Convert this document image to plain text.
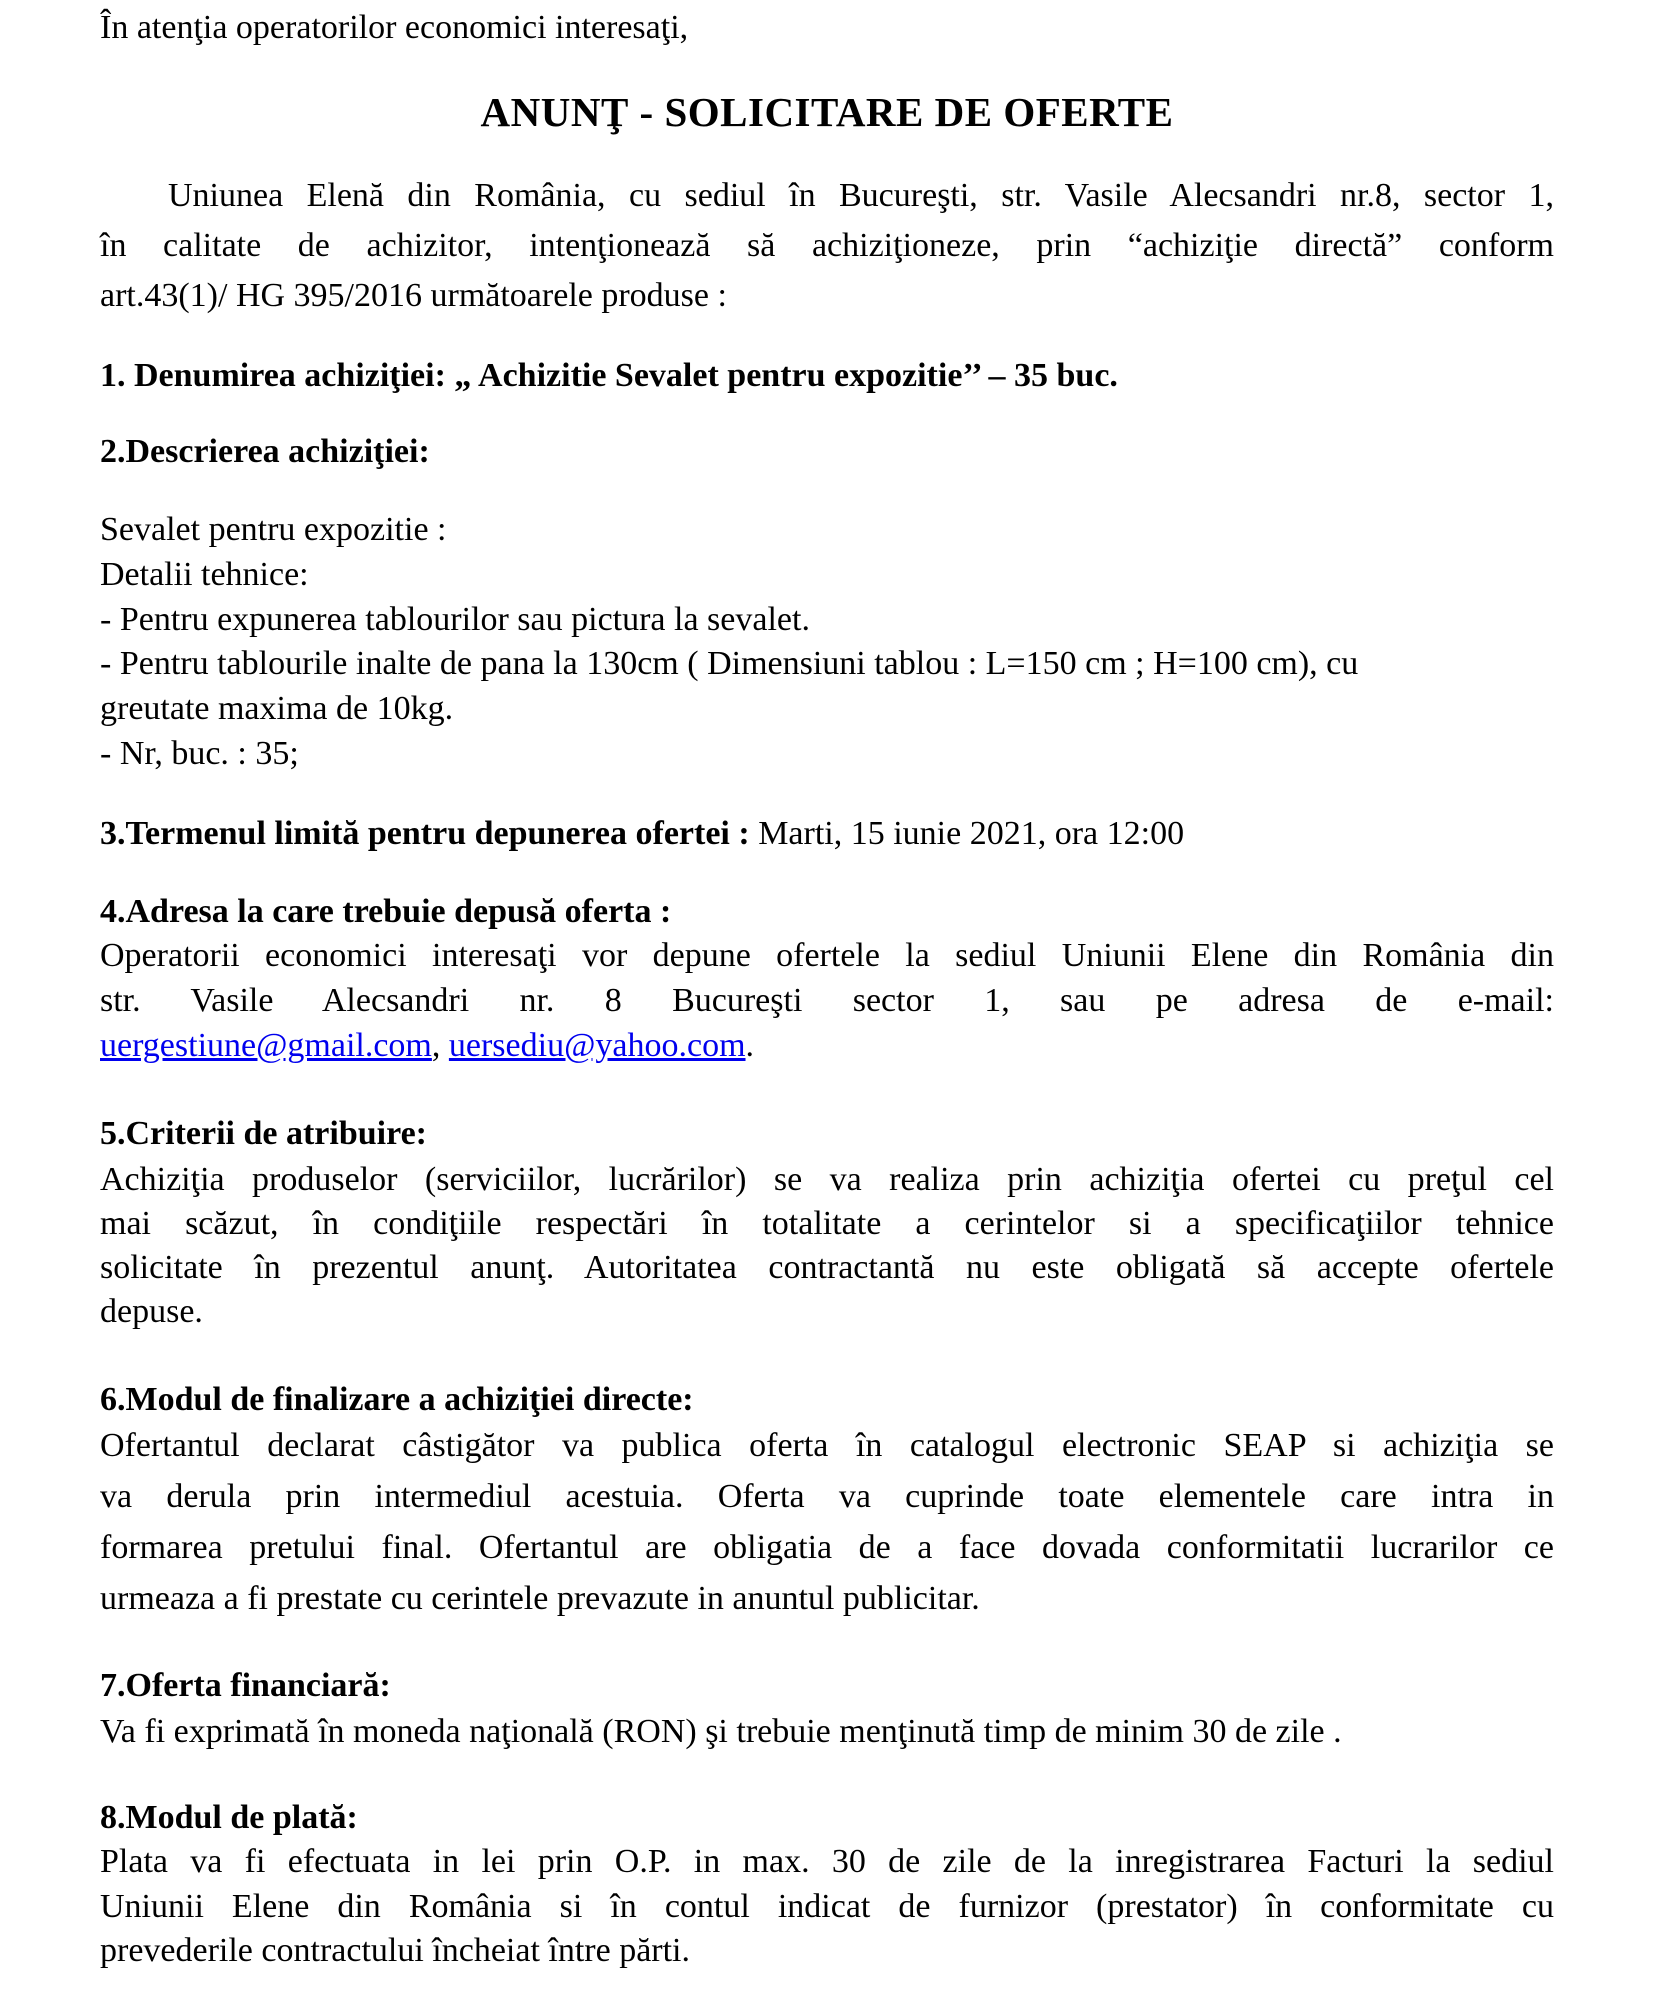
În atenţia operatorilor economici interesaţi,
ANUNŢ - SOLICITARE DE OFERTE
Uniunea Elenă din România, cu sediul în Bucureşti, str. Vasile Alecsandri nr.8, sector 1,
în calitate de achizitor, intenţionează să achiziţioneze, prin “achiziţie directă” conform
art.43(1)/ HG 395/2016 următoarele produse :
1. Denumirea achiziţiei: „ Achizitie Sevalet pentru expozitie’’ – 35 buc.
2.Descrierea achiziţiei:
Sevalet pentru expozitie :
Detalii tehnice:
- Pentru expunerea tablourilor sau pictura la sevalet.
- Pentru tablourile inalte de pana la 130cm ( Dimensiuni tablou : L=150 cm ; H=100 cm), cu
greutate maxima de 10kg.
- Nr, buc. : 35;
3.Termenul limită pentru depunerea ofertei : Marti, 15 iunie 2021, ora 12:00
4.Adresa la care trebuie depusă oferta :
Operatorii economici interesaţi vor depune ofertele la sediul Uniunii Elene din România din
str. Vasile Alecsandri nr. 8 Bucureşti sector 1, sau pe adresa de e-mail:
uergestiune@gmail.com, uersediu@yahoo.com.
5.Criterii de atribuire:
Achiziţia produselor (serviciilor, lucrărilor) se va realiza prin achiziţia ofertei cu preţul cel
mai scăzut, în condiţiile respectări în totalitate a cerintelor si a specificaţiilor tehnice
solicitate în prezentul anunţ. Autoritatea contractantă nu este obligată să accepte ofertele
depuse.
6.Modul de finalizare a achiziţiei directe:
Ofertantul declarat câstigător va publica oferta în catalogul electronic SEAP si achiziţia se
va derula prin intermediul acestuia. Oferta va cuprinde toate elementele care intra in
formarea pretului final. Ofertantul are obligatia de a face dovada conformitatii lucrarilor ce
urmeaza a fi prestate cu cerintele prevazute in anuntul publicitar.
7.Oferta financiară:
Va fi exprimată în moneda naţională (RON) şi trebuie menţinută timp de minim 30 de zile .
8.Modul de plată:
Plata va fi efectuata in lei prin O.P. in max. 30 de zile de la inregistrarea Facturi la sediul
Uniunii Elene din România si în contul indicat de furnizor (prestator) în conformitate cu
prevederile contractului încheiat între părti.
